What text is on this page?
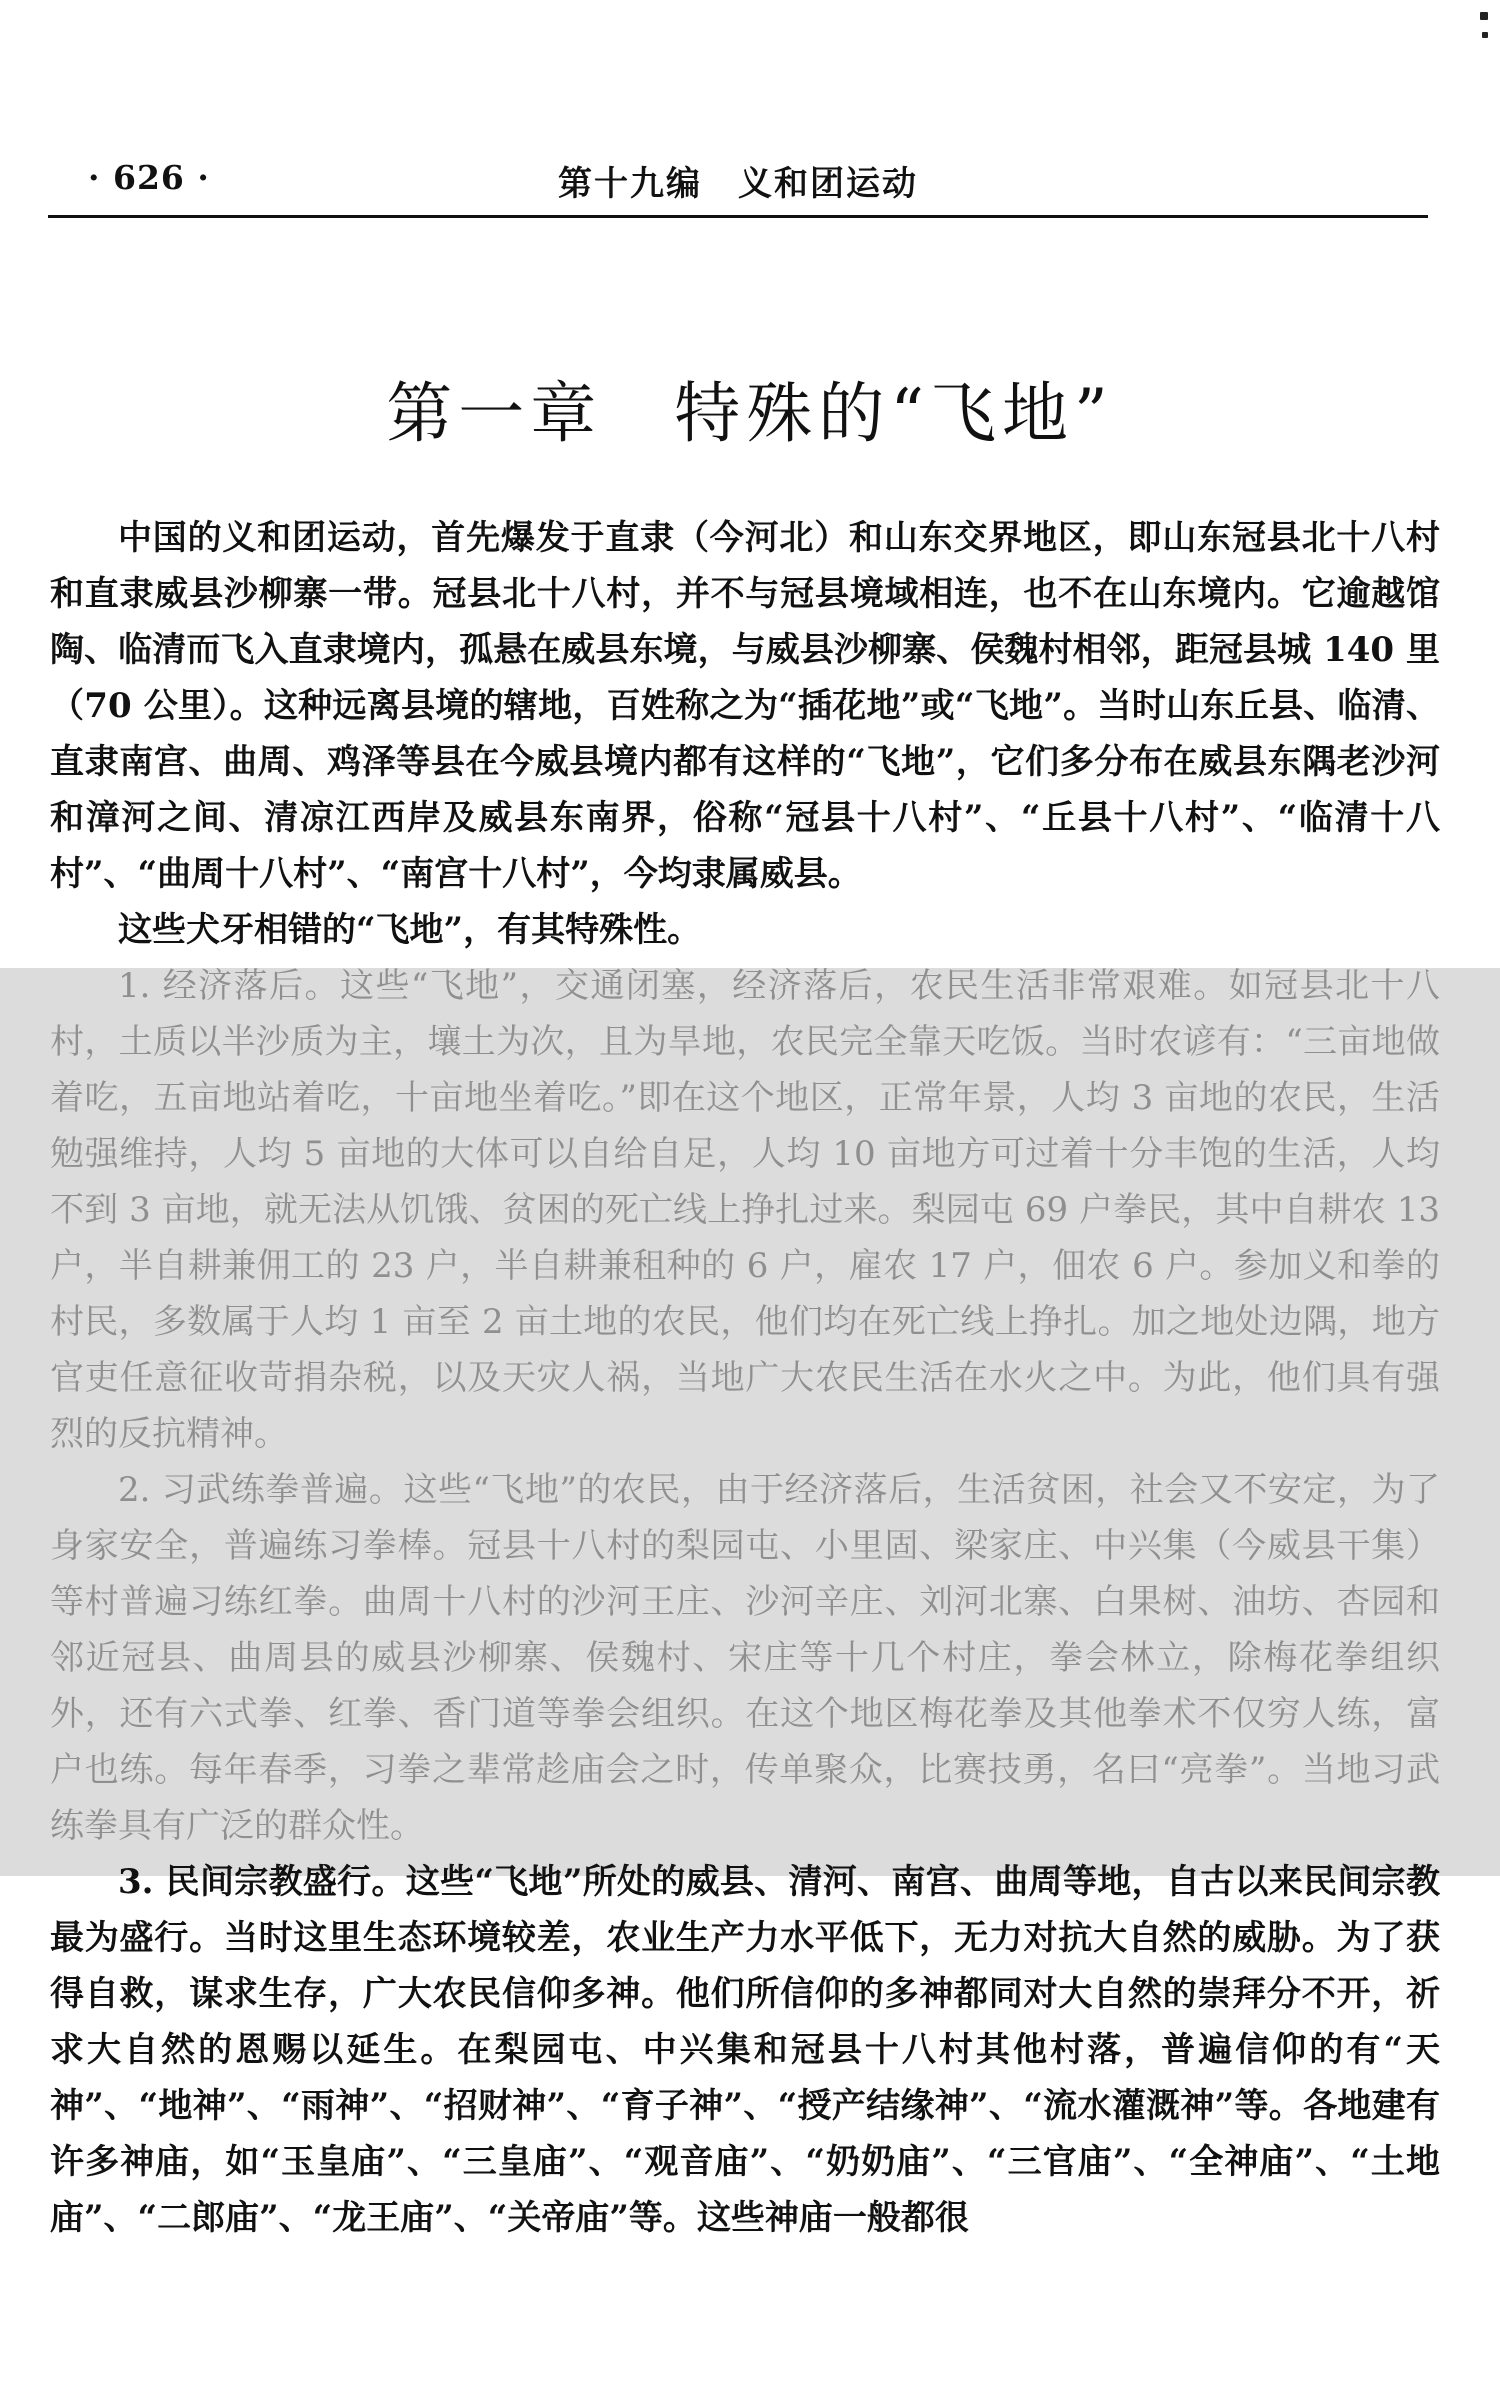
· 626 ·	第十九编　义和团运动
第一章　特殊的“飞地”

中国的义和团运动，首先爆发于直隶（今河北）和山东交界地区，即山东冠县北十八村和直隶威县沙柳寨一带。冠县北十八村，并不与冠县境域相连，也不在山东境内。它逾越馆陶、临清而飞入直隶境内，孤悬在威县东境，与威县沙柳寨、侯魏村相邻，距冠县城 140 里（70 公里）。这种远离县境的辖地，百姓称之为“插花地”或“飞地”。当时山东丘县、临清、直隶南宫、曲周、鸡泽等县在今威县境内都有这样的“飞地”，它们多分布在威县东隅老沙河和漳河之间、清凉江西岸及威县东南界，俗称“冠县十八村”、“丘县十八村”、“临清十八村”、“曲周十八村”、“南宫十八村”，今均隶属威县。

这些犬牙相错的“飞地”，有其特殊性。

1. 经济落后。这些“飞地”，交通闭塞，经济落后，农民生活非常艰难。如冠县北十八村，土质以半沙质为主，壤土为次，且为旱地，农民完全靠天吃饭。当时农谚有：“三亩地做着吃，五亩地站着吃，十亩地坐着吃。”即在这个地区，正常年景，人均 3 亩地的农民，生活勉强维持，人均 5 亩地的大体可以自给自足，人均 10 亩地方可过着十分丰饱的生活，人均不到 3 亩地，就无法从饥饿、贫困的死亡线上挣扎过来。梨园屯 69 户拳民，其中自耕农 13 户，半自耕兼佣工的 23 户，半自耕兼租种的 6 户，雇农 17 户，佃农 6 户。参加义和拳的村民，多数属于人均 1 亩至 2 亩土地的农民，他们均在死亡线上挣扎。加之地处边隅，地方官吏任意征收苛捐杂税，以及天灾人祸，当地广大农民生活在水火之中。为此，他们具有强烈的反抗精神。

2. 习武练拳普遍。这些“飞地”的农民，由于经济落后，生活贫困，社会又不安定，为了身家安全，普遍练习拳棒。冠县十八村的梨园屯、小里固、梁家庄、中兴集（今威县干集）等村普遍习练红拳。曲周十八村的沙河王庄、沙河辛庄、刘河北寨、白果树、油坊、杏园和邻近冠县、曲周县的威县沙柳寨、侯魏村、宋庄等十几个村庄，拳会林立，除梅花拳组织外，还有六式拳、红拳、香门道等拳会组织。在这个地区梅花拳及其他拳术不仅穷人练，富户也练。每年春季，习拳之辈常趁庙会之时，传单聚众，比赛技勇，名曰“亮拳”。当地习武练拳具有广泛的群众性。

3. 民间宗教盛行。这些“飞地”所处的威县、清河、南宫、曲周等地，自古以来民间宗教最为盛行。当时这里生态环境较差，农业生产力水平低下，无力对抗大自然的威胁。为了获得自救，谋求生存，广大农民信仰多神。他们所信仰的多神都同对大自然的崇拜分不开，祈求大自然的恩赐以延生。在梨园屯、中兴集和冠县十八村其他村落，普遍信仰的有“天神”、“地神”、“雨神”、“招财神”、“育子神”、“授产结缘神”、“流水灌溉神”等。各地建有许多神庙，如“玉皇庙”、“三皇庙”、“观音庙”、“奶奶庙”、“三官庙”、“全神庙”、“土地庙”、“二郎庙”、“龙王庙”、“关帝庙”等。这些神庙一般都很
